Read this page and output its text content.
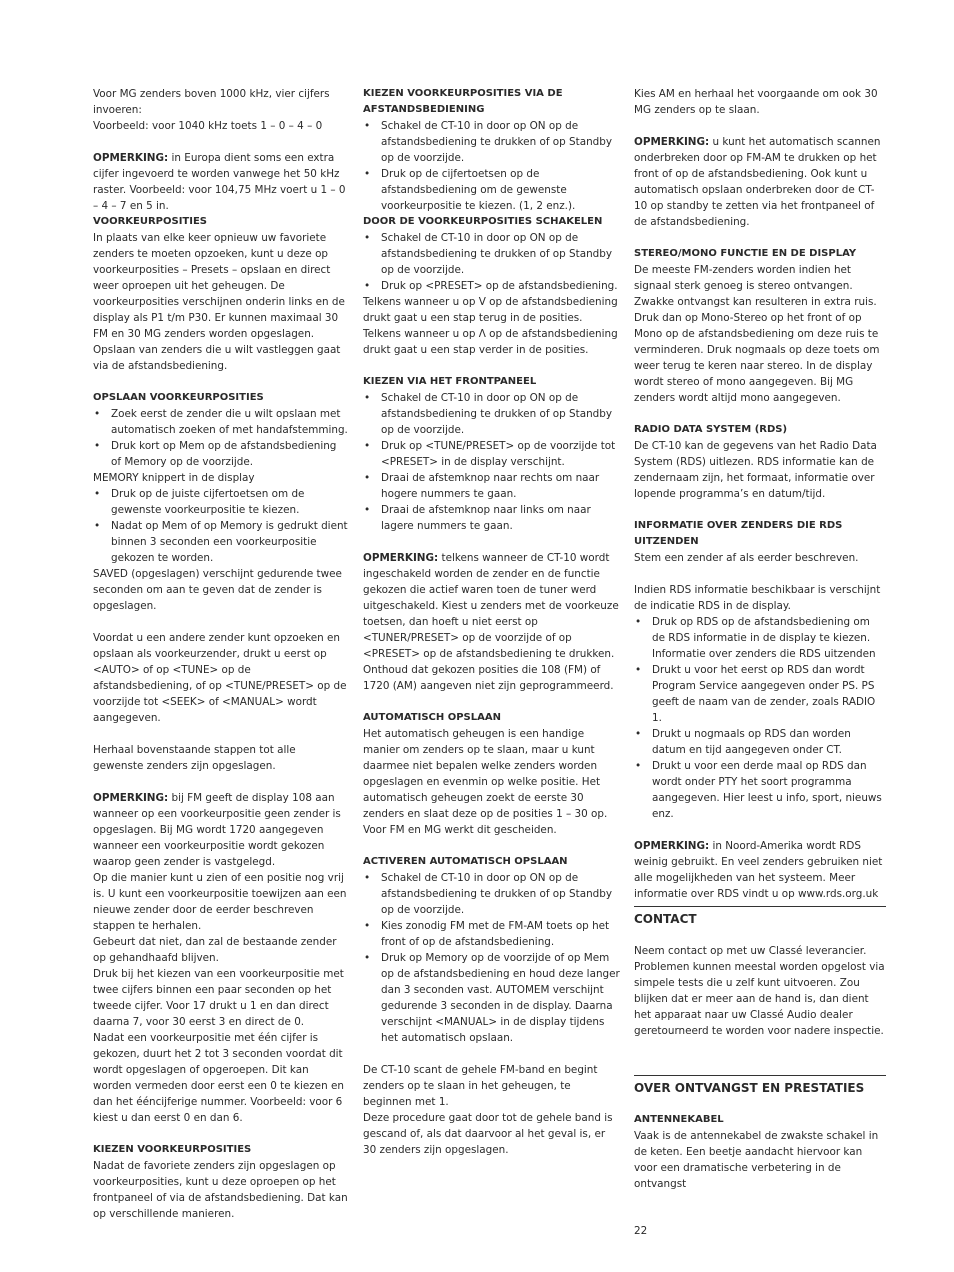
Voor MG zenders boven 1000 kHz, vier cijfers invoeren:

Voorbeeld: voor 1040 kHz toets 1 – 0 – 4 – 0

OPMERKING: in Europa dient soms een extra cijfer ingevoerd te worden vanwege het 50 kHz raster. Voorbeeld: voor 104,75 MHz voert u 1 – 0 – 4 – 7 en 5 in.

VOORKEURPOSITIES

In plaats van elke keer opnieuw uw favoriete zenders te moeten opzoeken, kunt u deze op voorkeurposities – Presets – opslaan en direct weer oproepen uit het geheugen. De voorkeurposities verschijnen onderin links en de display als P1 t/m P30. Er kunnen maximaal 30 FM en 30 MG zenders worden opgeslagen. Opslaan van zenders die u wilt vastleggen gaat via de afstandsbediening.

OPSLAAN VOORKEURPOSITIES

• Zoek eerst de zender die u wilt opslaan met automatisch zoeken of met handafstemming.
• Druk kort op Mem op de afstandsbediening of Memory op de voorzijde.

MEMORY knippert in de display

• Druk op de juiste cijfertoetsen om de gewenste voorkeurpositie te kiezen.
• Nadat op Mem of op Memory is gedrukt dient binnen 3 seconden een voorkeurpositie gekozen te worden.

SAVED (opgeslagen) verschijnt gedurende twee seconden om aan te geven dat de zender is opgeslagen.

Voordat u een andere zender kunt opzoeken en opslaan als voorkeurzender, drukt u eerst op <AUTO> of op <TUNE> op de afstandsbediening, of op <TUNE/PRESET> op de voorzijde tot <SEEK> of <MANUAL> wordt aangegeven.

Herhaal bovenstaande stappen tot alle gewenste zenders zijn opgeslagen.

OPMERKING: bij FM geeft de display 108 aan wanneer op een voorkeurpositie geen zender is opgeslagen. Bij MG wordt 1720 aangegeven wanneer een voorkeurpositie wordt gekozen waarop geen zender is vastgelegd.

Op die manier kunt u zien of een positie nog vrij is. U kunt een voorkeurpositie toewijzen aan een nieuwe zender door de eerder beschreven stappen te herhalen.

Gebeurt dat niet, dan zal de bestaande zender op gehandhaafd blijven.

Druk bij het kiezen van een voorkeurpositie met twee cijfers binnen een paar seconden op het tweede cijfer. Voor 17 drukt u 1 en dan direct daarna 7, voor 30 eerst 3 en direct de 0.

Nadat een voorkeurpositie met één cijfer is gekozen, duurt het 2 tot 3 seconden voordat dit wordt opgeslagen of opgeroepen. Dit kan worden vermeden door eerst een 0 te kiezen en dan het ééncijferige nummer. Voorbeeld: voor 6 kiest u dan eerst 0 en dan 6.

KIEZEN VOORKEURPOSITIES

Nadat de favoriete zenders zijn opgeslagen op voorkeurposities, kunt u deze oproepen op het frontpaneel of via de afstandsbediening. Dat kan op verschillende manieren.

KIEZEN VOORKEURPOSITIES VIA DE AFSTANDSBEDIENING

• Schakel de CT-10 in door op ON op de afstandsbediening te drukken of op Standby op de voorzijde.
• Druk op de cijfertoetsen op de afstandsbediening om de gewenste voorkeurpositie te kiezen. (1, 2 enz.).

DOOR DE VOORKEURPOSITIES SCHAKELEN

• Schakel de CT-10 in door op ON op de afstandsbediening te drukken of op Standby op de voorzijde.
• Druk op <PRESET> op de afstandsbediening.

Telkens wanneer u op V op de afstandsbediening drukt gaat u een stap terug in de posities.

Telkens wanneer u op Λ op de afstandsbediening drukt gaat u een stap verder in de posities.

KIEZEN VIA HET FRONTPANEEL

• Schakel de CT-10 in door op ON op de afstandsbediening te drukken of op Standby op de voorzijde.
• Druk op <TUNE/PRESET> op de voorzijde tot <PRESET> in de display verschijnt.
• Draai de afstemknop naar rechts om naar hogere nummers te gaan.
• Draai de afstemknop naar links om naar lagere nummers te gaan.

OPMERKING: telkens wanneer de CT-10 wordt ingeschakeld worden de zender en de functie gekozen die actief waren toen de tuner werd uitgeschakeld. Kiest u zenders met de voorkeuze toetsen, dan hoeft u niet eerst op <TUNER/PRESET> op de voorzijde of op <PRESET> op de afstandsbediening te drukken. Onthoud dat gekozen posities die 108 (FM) of 1720 (AM) aangeven niet zijn geprogrammeerd.

AUTOMATISCH OPSLAAN

Het automatisch geheugen is een handige manier om zenders op te slaan, maar u kunt daarmee niet bepalen welke zenders worden opgeslagen en evenmin op welke positie. Het automatisch geheugen zoekt de eerste 30 zenders en slaat deze op de posities 1 – 30 op. Voor FM en MG werkt dit gescheiden.

ACTIVEREN AUTOMATISCH OPSLAAN

• Schakel de CT-10 in door op ON op de afstandsbediening te drukken of op Standby op de voorzijde.
• Kies zonodig FM met de FM-AM toets op het front of op de afstandsbediening.
• Druk op Memory op de voorzijde of op Mem op de afstandsbediening en houd deze langer dan 3 seconden vast. AUTOMEM verschijnt gedurende 3 seconden in de display. Daarna verschijnt <MANUAL> in de display tijdens het automatisch opslaan.

De CT-10 scant de gehele FM-band en begint zenders op te slaan in het geheugen, te beginnen met 1.

Deze procedure gaat door tot de gehele band is gescand of, als dat daarvoor al het geval is, er 30 zenders zijn opgeslagen.

Kies AM en herhaal het voorgaande om ook 30 MG zenders op te slaan.

OPMERKING: u kunt het automatisch scannen onderbreken door op FM-AM te drukken op het front of op de afstandsbediening. Ook kunt u automatisch opslaan onderbreken door de CT-10 op standby te zetten via het frontpaneel of de afstandsbediening.

STEREO/MONO FUNCTIE EN DE DISPLAY

De meeste FM-zenders worden indien het signaal sterk genoeg is stereo ontvangen. Zwakke ontvangst kan resulteren in extra ruis. Druk dan op Mono-Stereo op het front of op Mono op de afstandsbediening om deze ruis te verminderen. Druk nogmaals op deze toets om weer terug te keren naar stereo. In de display wordt stereo of mono aangegeven. Bij MG zenders wordt altijd mono aangegeven.

RADIO DATA SYSTEM (RDS)

De CT-10 kan de gegevens van het Radio Data System (RDS) uitlezen. RDS informatie kan de zendernaam zijn, het formaat, informatie over lopende programma’s en datum/tijd.

INFORMATIE OVER ZENDERS DIE RDS UITZENDEN

Stem een zender af als eerder beschreven.

Indien RDS informatie beschikbaar is verschijnt de indicatie RDS in de display.

• Druk op RDS op de afstandsbediening om de RDS informatie in de display te kiezen. Informatie over zenders die RDS uitzenden
• Drukt u voor het eerst op RDS dan wordt Program Service aangegeven onder PS. PS geeft de naam van de zender, zoals RADIO 1.
• Drukt u nogmaals op RDS dan worden datum en tijd aangegeven onder CT.
• Drukt u voor een derde maal op RDS dan wordt onder PTY het soort programma aangegeven. Hier leest u info, sport, nieuws enz.

OPMERKING: in Noord-Amerika wordt RDS weinig gebruikt. En veel zenders gebruiken niet alle mogelijkheden van het systeem. Meer informatie over RDS vindt u op www.rds.org.uk

CONTACT

Neem contact op met uw Classé leverancier. Problemen kunnen meestal worden opgelost via simpele tests die u zelf kunt uitvoeren. Zou blijken dat er meer aan de hand is, dan dient het apparaat naar uw Classé Audio dealer geretourneerd te worden voor nadere inspectie.

OVER ONTVANGST EN PRESTATIES

ANTENNEKABEL

Vaak is de antennekabel de zwakste schakel in de keten. Een beetje aandacht hiervoor kan voor een dramatische verbetering in de ontvangst

22
